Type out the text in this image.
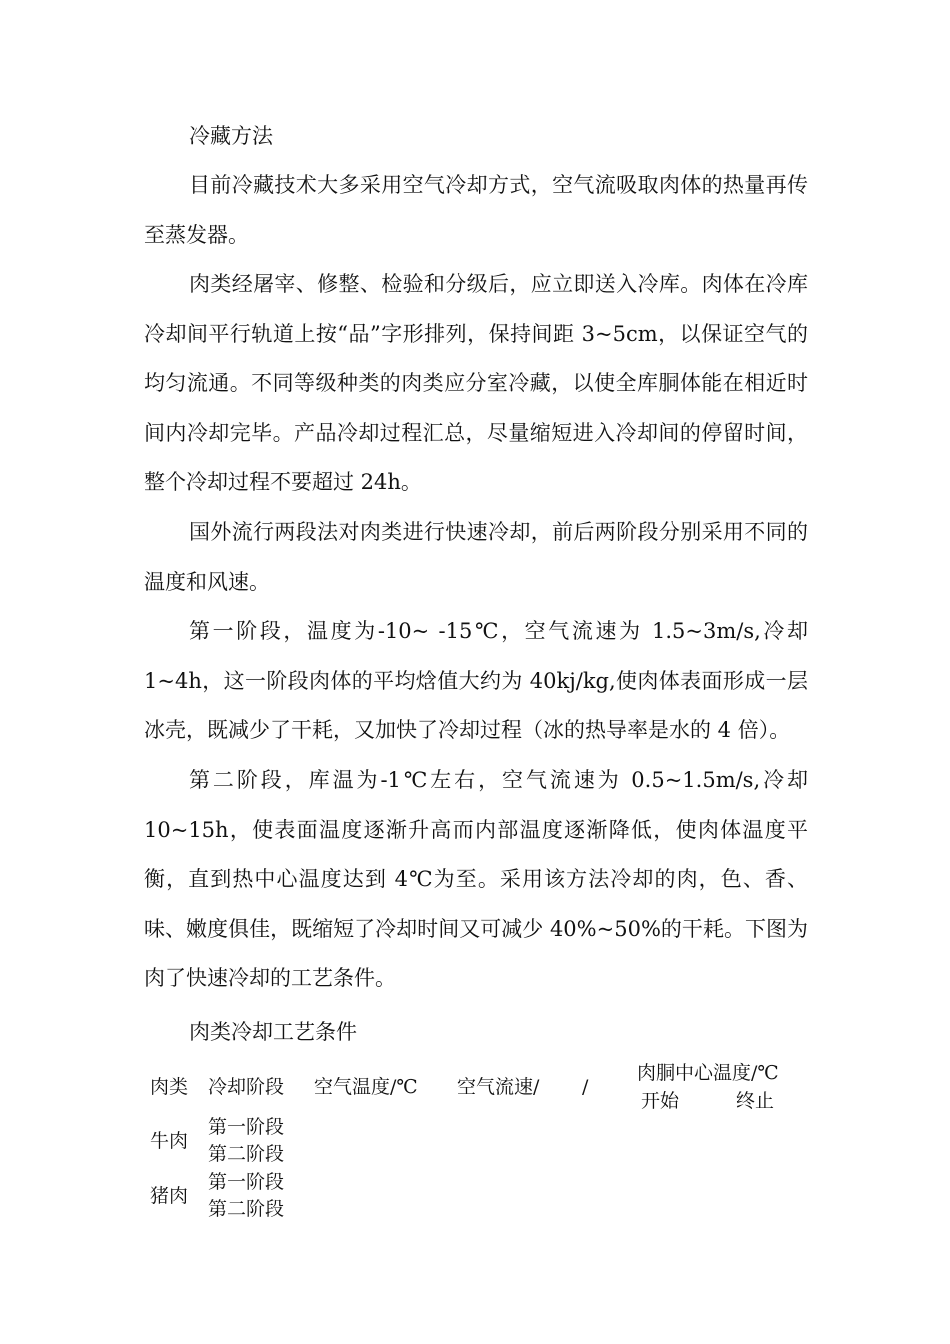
冷藏方法

目前冷藏技术大多采用空气冷却方式，空气流吸取肉体的热量再传至蒸发器。

肉类经屠宰、修整、检验和分级后，应立即送入冷库。肉体在冷库冷却间平行轨道上按“品”字形排列，保持间距 3~5cm，以保证空气的均匀流通。不同等级种类的肉类应分室冷藏，以使全库胴体能在相近时间内冷却完毕。产品冷却过程汇总，尽量缩短进入冷却间的停留时间，整个冷却过程不要超过 24h。

国外流行两段法对肉类进行快速冷却，前后两阶段分别采用不同的温度和风速。

第一阶段，温度为-10~ -15℃，空气流速为 1.5~3m/s,冷却 1~4h，这一阶段肉体的平均焓值大约为 40kj/kg,使肉体表面形成一层冰壳，既减少了干耗，又加快了冷却过程（冰的热导率是水的 4 倍）。

第二阶段，库温为-1℃左右，空气流速为 0.5~1.5m/s,冷却 10~15h，使表面温度逐渐升高而内部温度逐渐降低，使肉体温度平衡，直到热中心温度达到 4℃为至。采用该方法冷却的肉，色、香、味、嫩度俱佳，既缩短了冷却时间又可减少 40%~50%的干耗。下图为肉了快速冷却的工艺条件。

肉类冷却工艺条件
肉类 冷却阶段 空气温度/℃ 空气流速/ /
肉胴中心温度/℃
开始	终止
牛肉
第一阶段
第二阶段
猪肉
第一阶段
第二阶段
